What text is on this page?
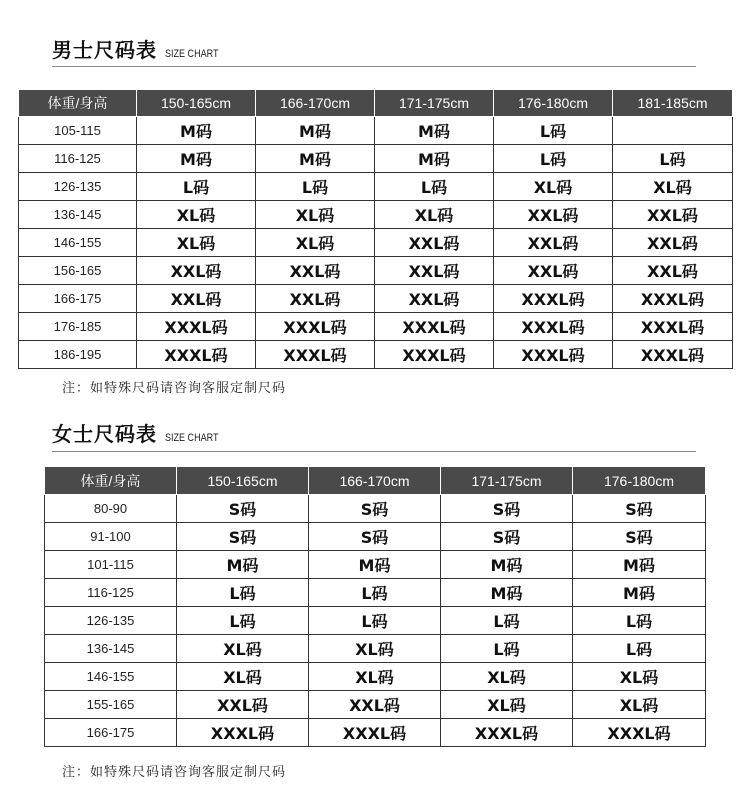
男士尺码表 SIZE CHART
体重/身高	150-165cm	166-170cm	171-175cm	176-180cm	181-185cm
105-115	M码	M码	M码	L码	
116-125	M码	M码	M码	L码	L码
126-135	L码	L码	L码	XL码	XL码
136-145	XL码	XL码	XL码	XXL码	XXL码
146-155	XL码	XL码	XXL码	XXL码	XXL码
156-165	XXL码	XXL码	XXL码	XXL码	XXL码
166-175	XXL码	XXL码	XXL码	XXXL码	XXXL码
176-185	XXXL码	XXXL码	XXXL码	XXXL码	XXXL码
186-195	XXXL码	XXXL码	XXXL码	XXXL码	XXXL码
注：如特殊尺码请咨询客服定制尺码
女士尺码表 SIZE CHART
体重/身高	150-165cm	166-170cm	171-175cm	176-180cm
80-90	S码	S码	S码	S码
91-100	S码	S码	S码	S码
101-115	M码	M码	M码	M码
116-125	L码	L码	M码	M码
126-135	L码	L码	L码	L码
136-145	XL码	XL码	L码	L码
146-155	XL码	XL码	XL码	XL码
155-165	XXL码	XXL码	XL码	XL码
166-175	XXXL码	XXXL码	XXXL码	XXXL码
注：如特殊尺码请咨询客服定制尺码
